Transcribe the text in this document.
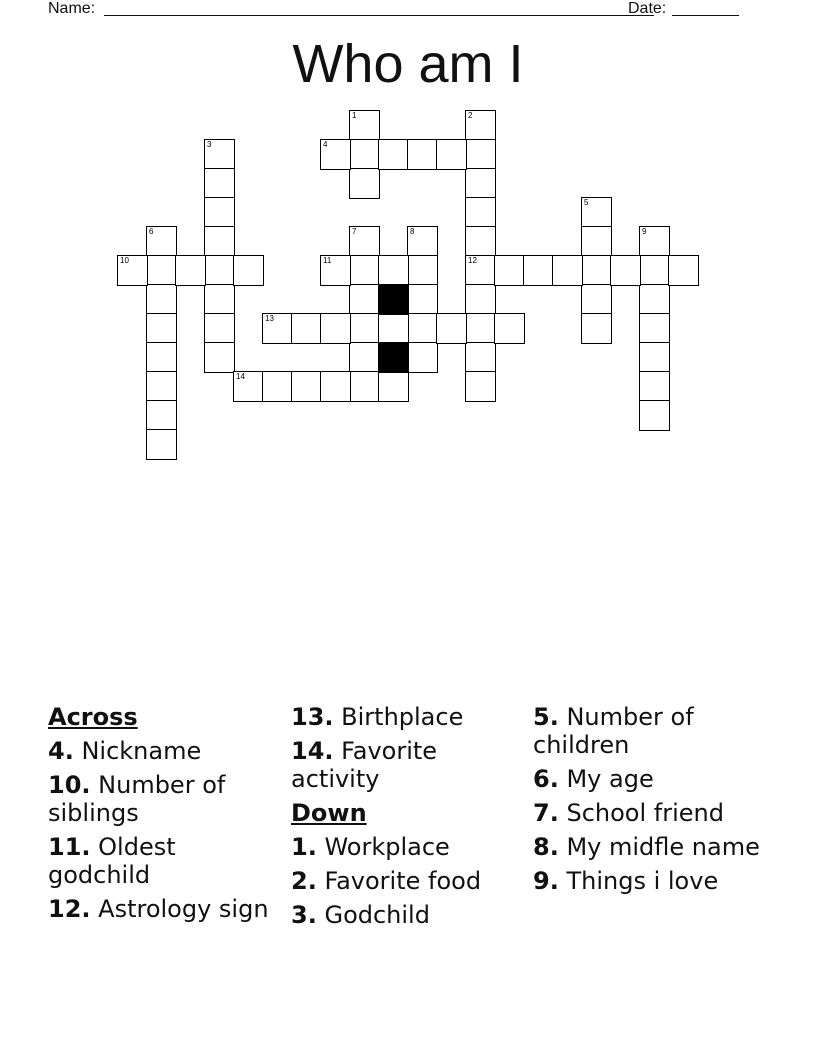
Name:	Date:
Who am I
1	2
12
3	4
5
6	7	8	9
10	11
13
14
Across
4. Nickname
10. Number of siblings
11. Oldest godchild
12. Astrology sign
13. Birthplace
14. Favorite activity
Down
1. Workplace
2. Favorite food
3. Godchild
5. Number of children
6. My age
7. School friend
8. My midfle name
9. Things i love
